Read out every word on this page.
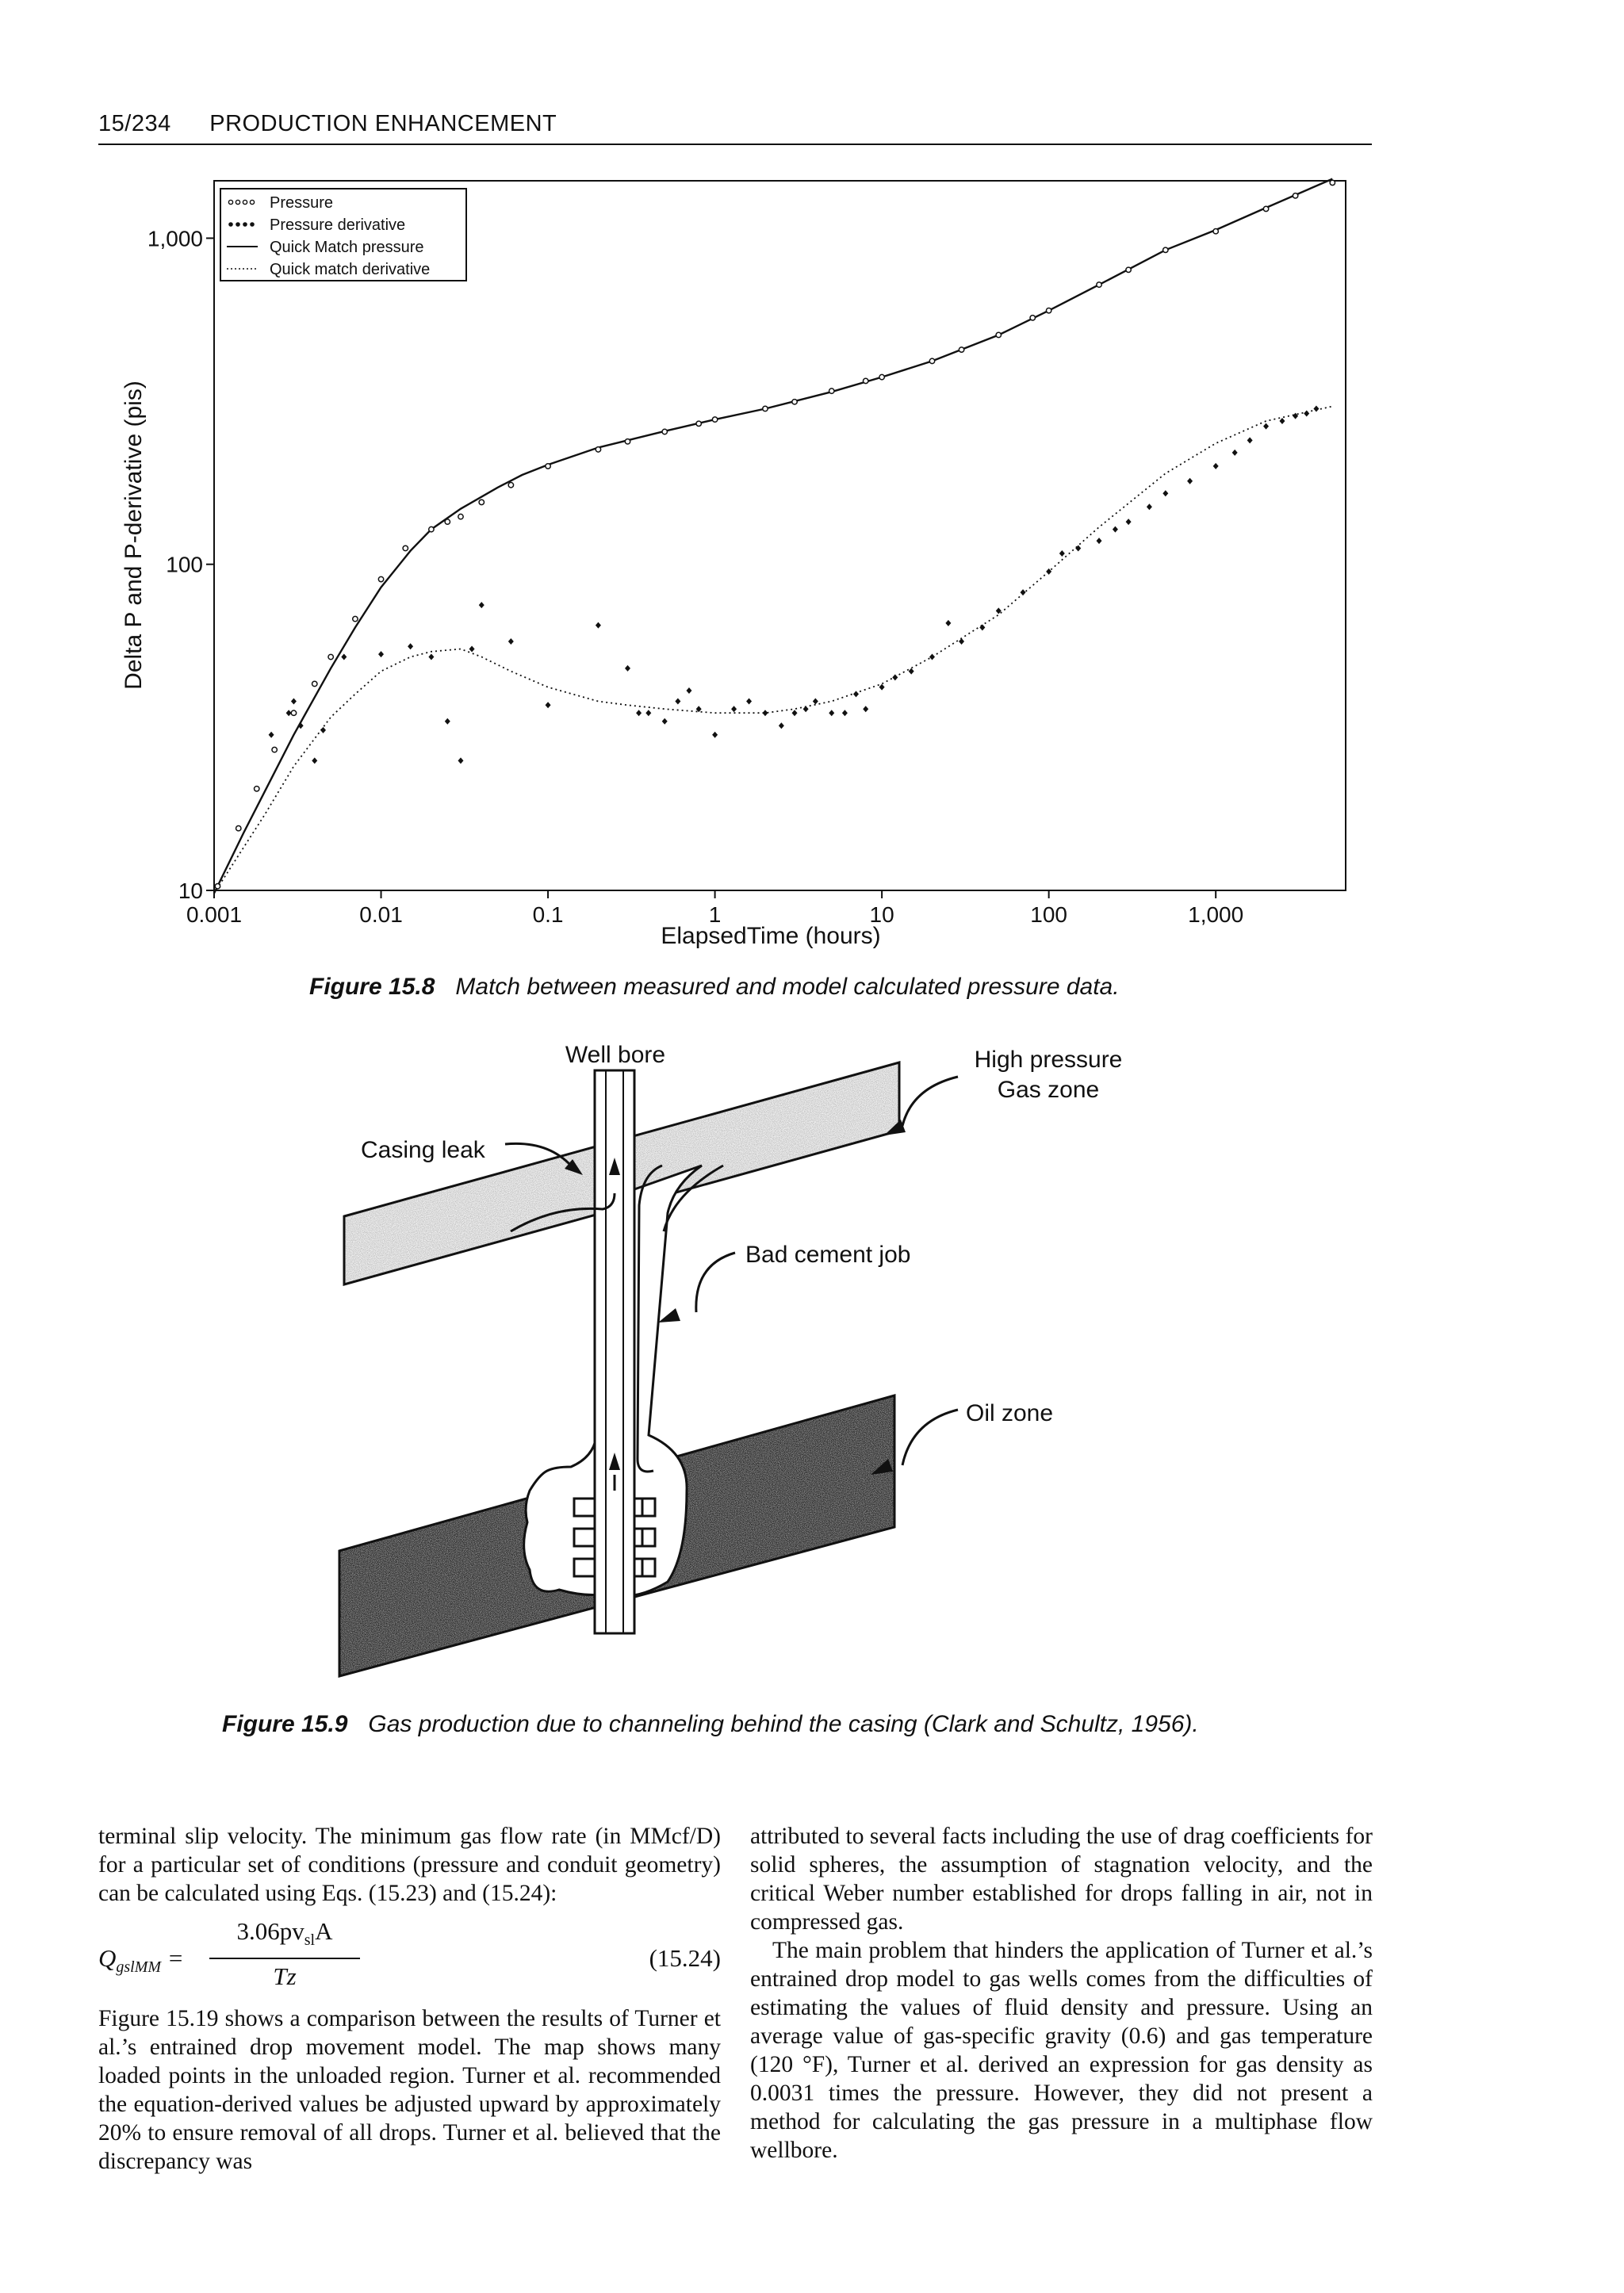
15/234 PRODUCTION ENHANCEMENT
10
100
1,000
0.001	0.01	0.1	1	10	100	1,000
Delta P and P-derivative (pis)
ElapsedTime (hours)
Pressure
Pressure derivative
Quick Match pressure
Quick match derivative
Figure 15.8 Match between measured and model calculated pressure data.
Well bore	High pressure
Gas zone
Casing leak
Bad cement job
Oil zone
Figure 15.9 Gas production due to channeling behind the casing (Clark and Schultz, 1956).

terminal slip velocity. The minimum gas flow rate (in MMcf/D) for a particular set of conditions (pressure and conduit geometry) can be calculated using Eqs. (15.23) and (15.24):

$Q_{gslMM}$ =
$3.06pv_{sl}A$
Tz
(15.24)

Figure 15.19 shows a comparison between the results of Turner et al.’s entrained drop movement model. The map shows many loaded points in the unloaded region. Turner et al. recommended the equation-derived values be adjusted upward by approximately 20% to ensure removal of all drops. Turner et al. believed that the discrepancy was

attributed to several facts including the use of drag coefficients for solid spheres, the assumption of stagnation velocity, and the critical Weber number established for drops falling in air, not in compressed gas.

The main problem that hinders the application of Turner et al.’s entrained drop model to gas wells comes from the difficulties of estimating the values of fluid density and pressure. Using an average value of gas-specific gravity (0.6) and gas temperature (120 °F), Turner et al. derived an expression for gas density as 0.0031 times the pressure. However, they did not present a method for calculating the gas pressure in a multiphase flow wellbore.
